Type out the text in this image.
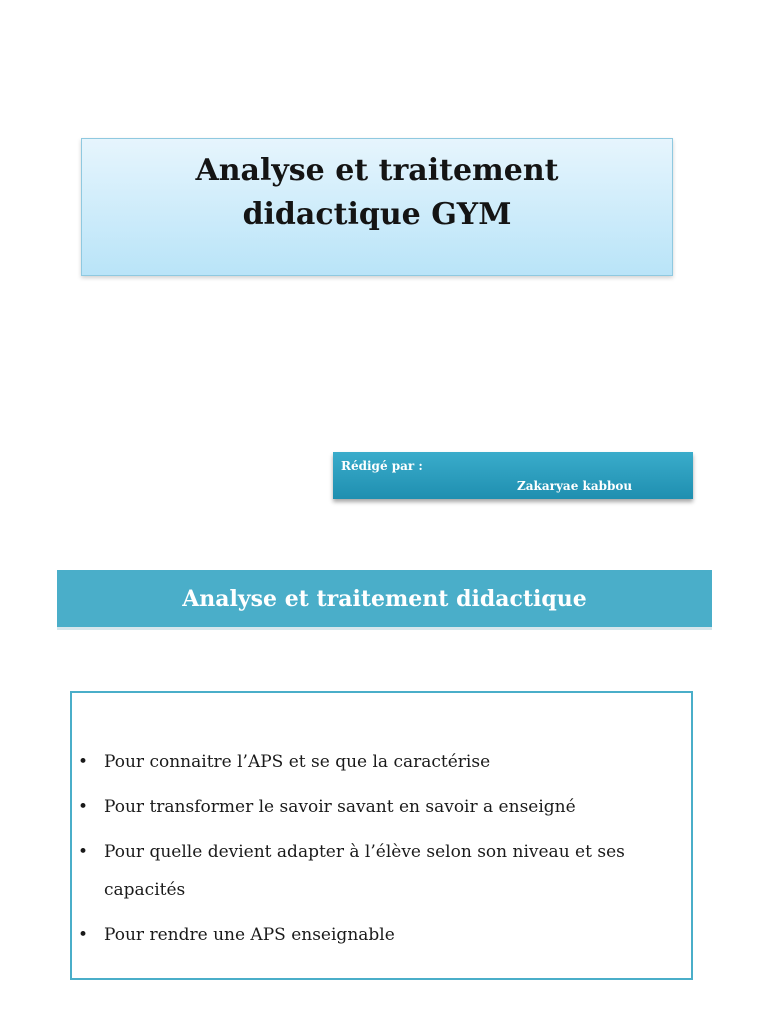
Analyse et traitement
didactique GYM
Rédigé par :
Zakaryae kabbou
Analyse et traitement didactique
• Pour connaitre l’APS et se que la caractérise
• Pour transformer le savoir savant en savoir a enseigné
• Pour quelle devient adapter à l’élève selon son niveau et ses capacités
• Pour rendre une APS enseignable
